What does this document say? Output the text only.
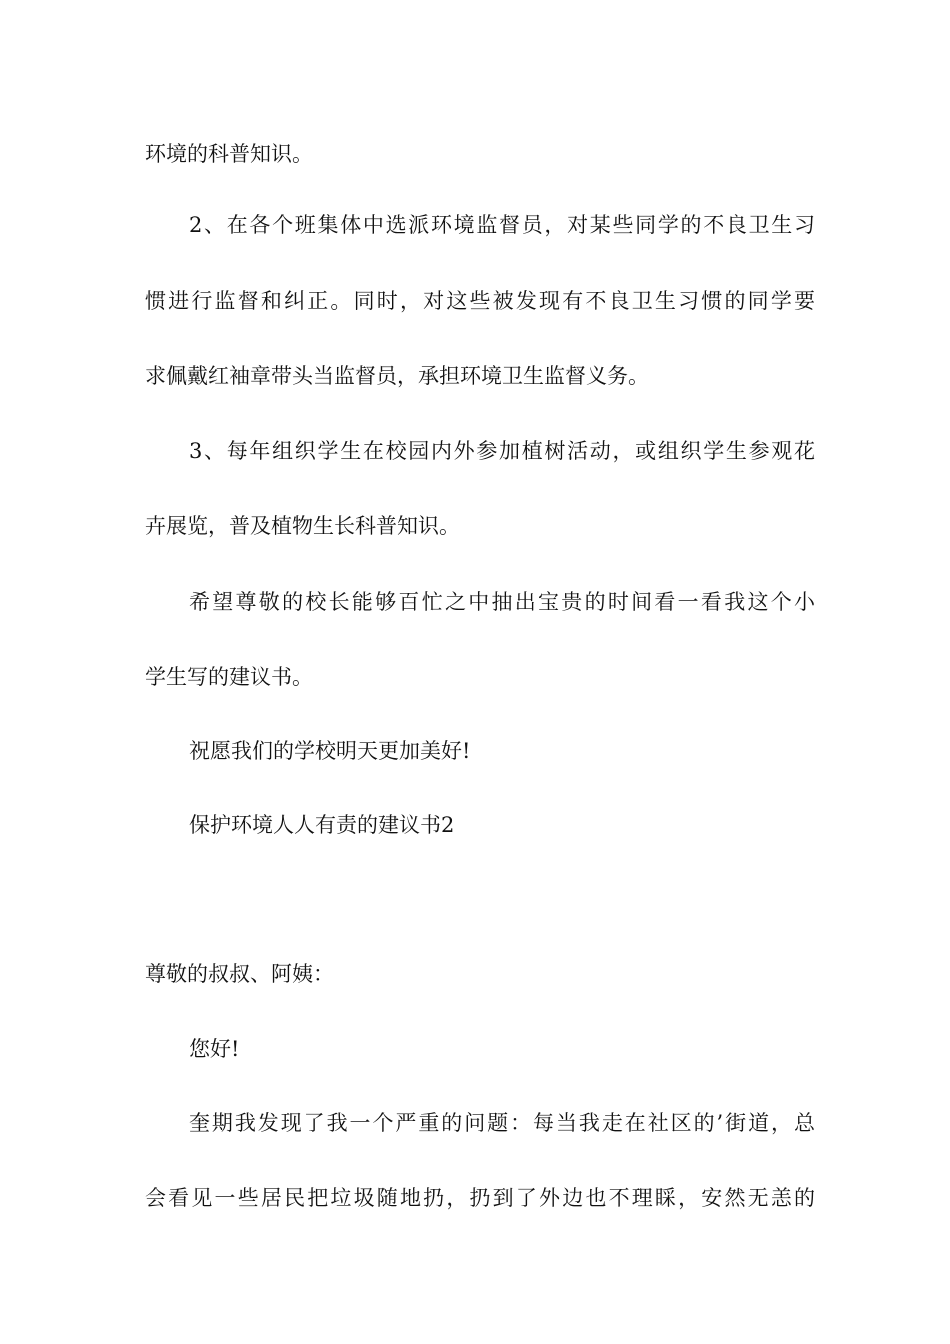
环境的科普知识。

2、在各个班集体中选派环境监督员，对某些同学的不良卫生习

惯进行监督和纠正。同时，对这些被发现有不良卫生习惯的同学要

求佩戴红袖章带头当监督员，承担环境卫生监督义务。

3、每年组织学生在校园内外参加植树活动，或组织学生参观花

卉展览，普及植物生长科普知识。

希望尊敬的校长能够百忙之中抽出宝贵的时间看一看我这个小

学生写的建议书。

祝愿我们的学校明天更加美好!

保护环境人人有责的建议书2

尊敬的叔叔、阿姨：

您好!

奎期我发现了我一个严重的问题：每当我走在社区的’街道，总

会看见一些居民把垃圾随地扔，扔到了外边也不理睬，安然无恙的
